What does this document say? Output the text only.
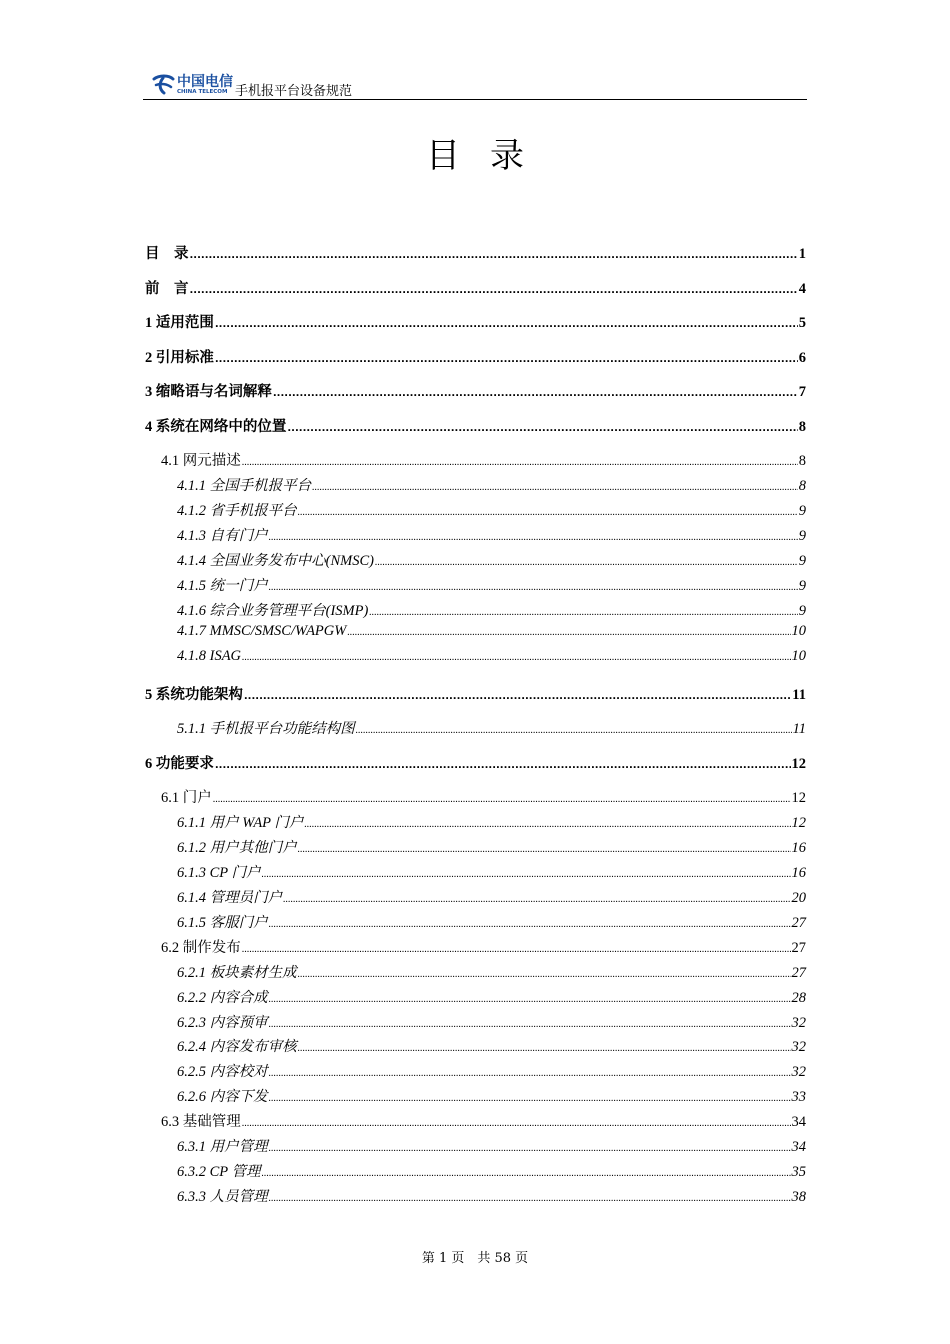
中国电信
CHINA TELECOM 手机报平台设备规范
目录
目　录 .....	1
前　言 .....	4
1 适用范围 .....	5
2 引用标准 .....	6
3 缩略语与名词解释 .....	7
4 系统在网络中的位置 .....	8
4.1 网元描述 .....	8
4.1.1 全国手机报平台 .....	8
4.1.2 省手机报平台 .....	9
4.1.3 自有门户 .....	9
4.1.4 全国业务发布中心(NMSC) .....	9
4.1.5 统一门户 .....	9
4.1.6 综合业务管理平台(ISMP) .....	9
4.1.7 MMSC/SMSC/WAPGW .....	10
4.1.8 ISAG .....	10
5 系统功能架构 .....	11
5.1.1 手机报平台功能结构图 .....	11
6 功能要求 .....	12
6.1 门户 .....	12
6.1.1 用户 WAP 门户 .....	12
6.1.2 用户其他门户 .....	16
6.1.3 CP 门户 .....	16
6.1.4 管理员门户 .....	20
6.1.5 客服门户 .....	27
6.2 制作发布 .....	27
6.2.1 板块素材生成 .....	27
6.2.2 内容合成 .....	28
6.2.3 内容预审 .....	32
6.2.4 内容发布审核 .....	32
6.2.5 内容校对 .....	32
6.2.6 内容下发 .....	33
6.3 基础管理 .....	34
6.3.1 用户管理 .....	34
6.3.2 CP 管理 .....	35
6.3.3 人员管理 .....	38
第 1 页　共 58 页
